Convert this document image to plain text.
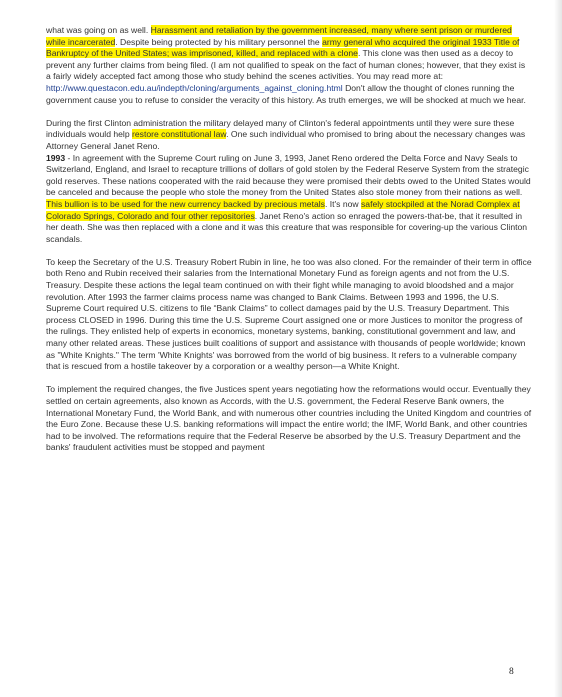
what was going on as well. Harassment and retaliation by the government increased, many where sent prison or murdered while incarcerated. Despite being protected by his military personnel the army general who acquired the original 1933 Title of Bankruptcy of the United States; was imprisoned, killed, and replaced with a clone. This clone was then used as a decoy to prevent any further claims from being filed. (I am not qualified to speak on the fact of human clones; however, that they exist is a fairly widely accepted fact among those who study behind the scenes activities. You may read more at: http://www.questacon.edu.au/indepth/cloning/arguments_against_cloning.html Don't allow the thought of clones running the government cause you to refuse to consider the veracity of this history. As truth emerges, we will be shocked at much we hear.

During the first Clinton administration the military delayed many of Clinton's federal appointments until they were sure these individuals would help restore constitutional law. One such individual who promised to bring about the necessary changes was Attorney General Janet Reno.
1993 - In agreement with the Supreme Court ruling on June 3, 1993, Janet Reno ordered the Delta Force and Navy Seals to Switzerland, England, and Israel to recapture trillions of dollars of gold stolen by the Federal Reserve System from the strategic gold reserves. These nations cooperated with the raid because they were promised their debts owed to the United States would be canceled and because the people who stole the money from the United States also stole money from their nations as well. This bullion is to be used for the new currency backed by precious metals. It's now safely stockpiled at the Norad Complex at Colorado Springs, Colorado and four other repositories. Janet Reno's action so enraged the powers-that-be, that it resulted in her death. She was then replaced with a clone and it was this creature that was responsible for covering-up the various Clinton scandals.

To keep the Secretary of the U.S. Treasury Robert Rubin in line, he too was also cloned. For the remainder of their term in office both Reno and Rubin received their salaries from the International Monetary Fund as foreign agents and not from the U.S. Treasury. Despite these actions the legal team continued on with their fight while managing to avoid bloodshed and a major revolution. After 1993 the farmer claims process name was changed to Bank Claims. Between 1993 and 1996, the U.S. Supreme Court required U.S. citizens to file “Bank Claims” to collect damages paid by the U.S. Treasury Department. This process CLOSED in 1996. During this time the U.S. Supreme Court assigned one or more Justices to monitor the progress of the rulings. They enlisted help of experts in economics, monetary systems, banking, constitutional government and law, and many other related areas. These justices built coalitions of support and assistance with thousands of people worldwide; known as "White Knights." The term 'White Knights' was borrowed from the world of big business. It refers to a vulnerable company that is rescued from a hostile takeover by a corporation or a wealthy person—a White Knight.

To implement the required changes, the five Justices spent years negotiating how the reformations would occur. Eventually they settled on certain agreements, also known as Accords, with the U.S. government, the Federal Reserve Bank owners, the International Monetary Fund, the World Bank, and with numerous other countries including the United Kingdom and countries of the Euro Zone. Because these U.S. banking reformations will impact the entire world; the IMF, World Bank, and other countries had to be involved. The reformations require that the Federal Reserve be absorbed by the U.S. Treasury Department and the banks' fraudulent activities must be stopped and payment

8
